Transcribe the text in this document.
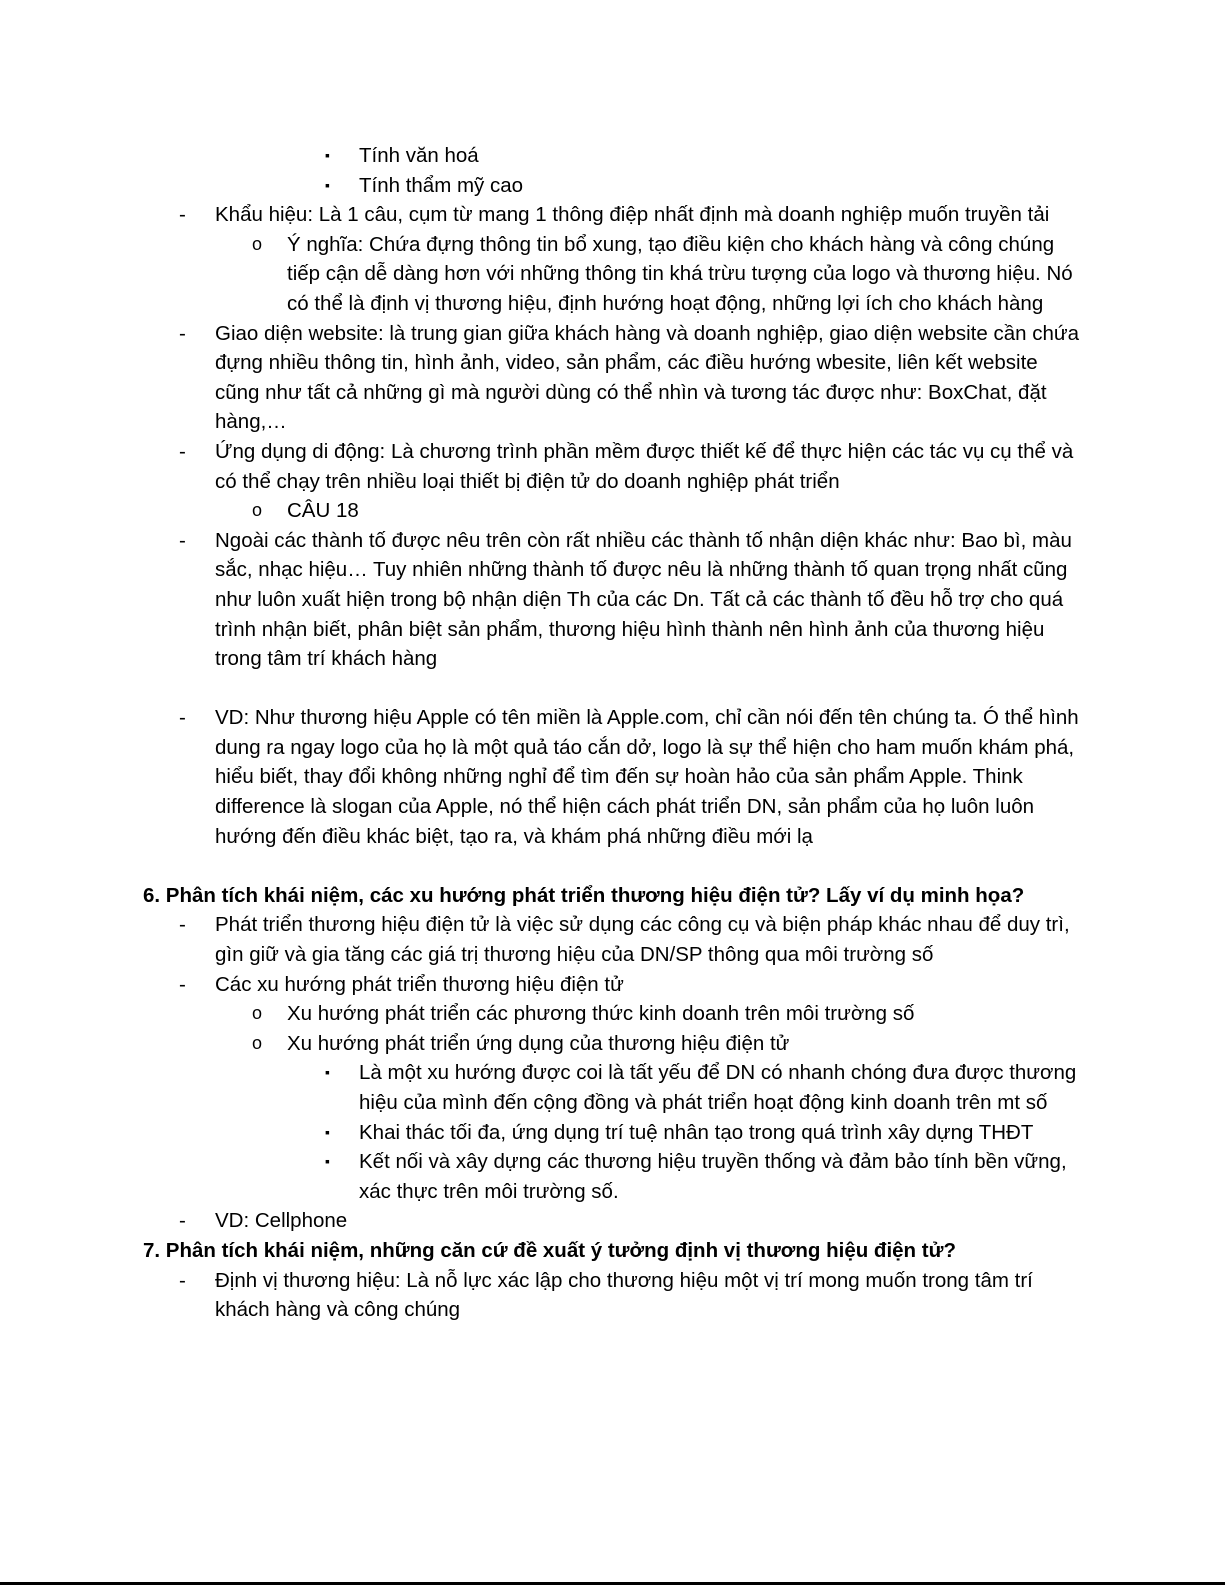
▪ Tính văn hoá
▪ Tính thẩm mỹ cao
- Khẩu hiệu: Là 1 câu, cụm từ mang 1 thông điệp nhất định mà doanh nghiệp muốn truyền tải
o Ý nghĩa: Chứa đựng thông tin bổ xung, tạo điều kiện cho khách hàng và công chúng tiếp cận dễ dàng hơn với những thông tin khá trừu tượng của logo và thương hiệu. Nó có thể là định vị thương hiệu, định hướng hoạt động, những lợi ích cho khách hàng
- Giao diện website: là trung gian giữa khách hàng và doanh nghiệp, giao diện website cần chứa đựng nhiều thông tin, hình ảnh, video, sản phẩm, các điều hướng wbesite, liên kết website cũng như tất cả những gì mà người dùng có thể nhìn và tương tác được như: BoxChat, đặt hàng,…
- Ứng dụng di động: Là chương trình phần mềm được thiết kế để thực hiện các tác vụ cụ thể và có thể chạy trên nhiều loại thiết bị điện tử do doanh nghiệp phát triển
o CÂU 18
- Ngoài các thành tố được nêu trên còn rất nhiều các thành tố nhận diện khác như: Bao bì, màu sắc, nhạc hiệu… Tuy nhiên những thành tố được nêu là những thành tố quan trọng nhất cũng như luôn xuất hiện trong bộ nhận diện Th của các Dn. Tất cả các thành tố đều hỗ trợ cho quá trình nhận biết, phân biệt sản phẩm, thương hiệu hình thành nên hình ảnh của thương hiệu trong tâm trí khách hàng
- VD: Như thương hiệu Apple có tên miền là Apple.com, chỉ cần nói đến tên chúng ta. Ó thể hình dung ra ngay logo của họ là một quả táo cắn dở, logo là sự thể hiện cho ham muốn khám phá, hiểu biết, thay đổi không những nghỉ để tìm đến sự hoàn hảo của sản phẩm Apple. Think difference là slogan của Apple, nó thể hiện cách phát triển DN, sản phẩm của họ luôn luôn hướng đến điều khác biệt, tạo ra, và khám phá những điều mới lạ
6. Phân tích khái niệm, các xu hướng phát triển thương hiệu điện tử? Lấy ví dụ minh họa?
- Phát triển thương hiệu điện tử là việc sử dụng các công cụ và biện pháp khác nhau để duy trì, gìn giữ và gia tăng các giá trị thương hiệu của DN/SP thông qua môi trường số
- Các xu hướng phát triển thương hiệu điện tử
o Xu hướng phát triển các phương thức kinh doanh trên môi trường số
o Xu hướng phát triển ứng dụng của thương hiệu điện tử
▪ Là một xu hướng được coi là tất yếu để DN có nhanh chóng đưa được thương hiệu của mình đến cộng đồng và phát triển hoạt động kinh doanh trên mt số
▪ Khai thác tối đa, ứng dụng trí tuệ nhân tạo trong quá trình xây dựng THĐT
▪ Kết nối và xây dựng các thương hiệu truyền thống và đảm bảo tính bền vững, xác thực trên môi trường số.
- VD: Cellphone
7. Phân tích khái niệm, những căn cứ đề xuất ý tưởng định vị thương hiệu điện tử?
- Định vị thương hiệu: Là nỗ lực xác lập cho thương hiệu một vị trí mong muốn trong tâm trí khách hàng và công chúng
